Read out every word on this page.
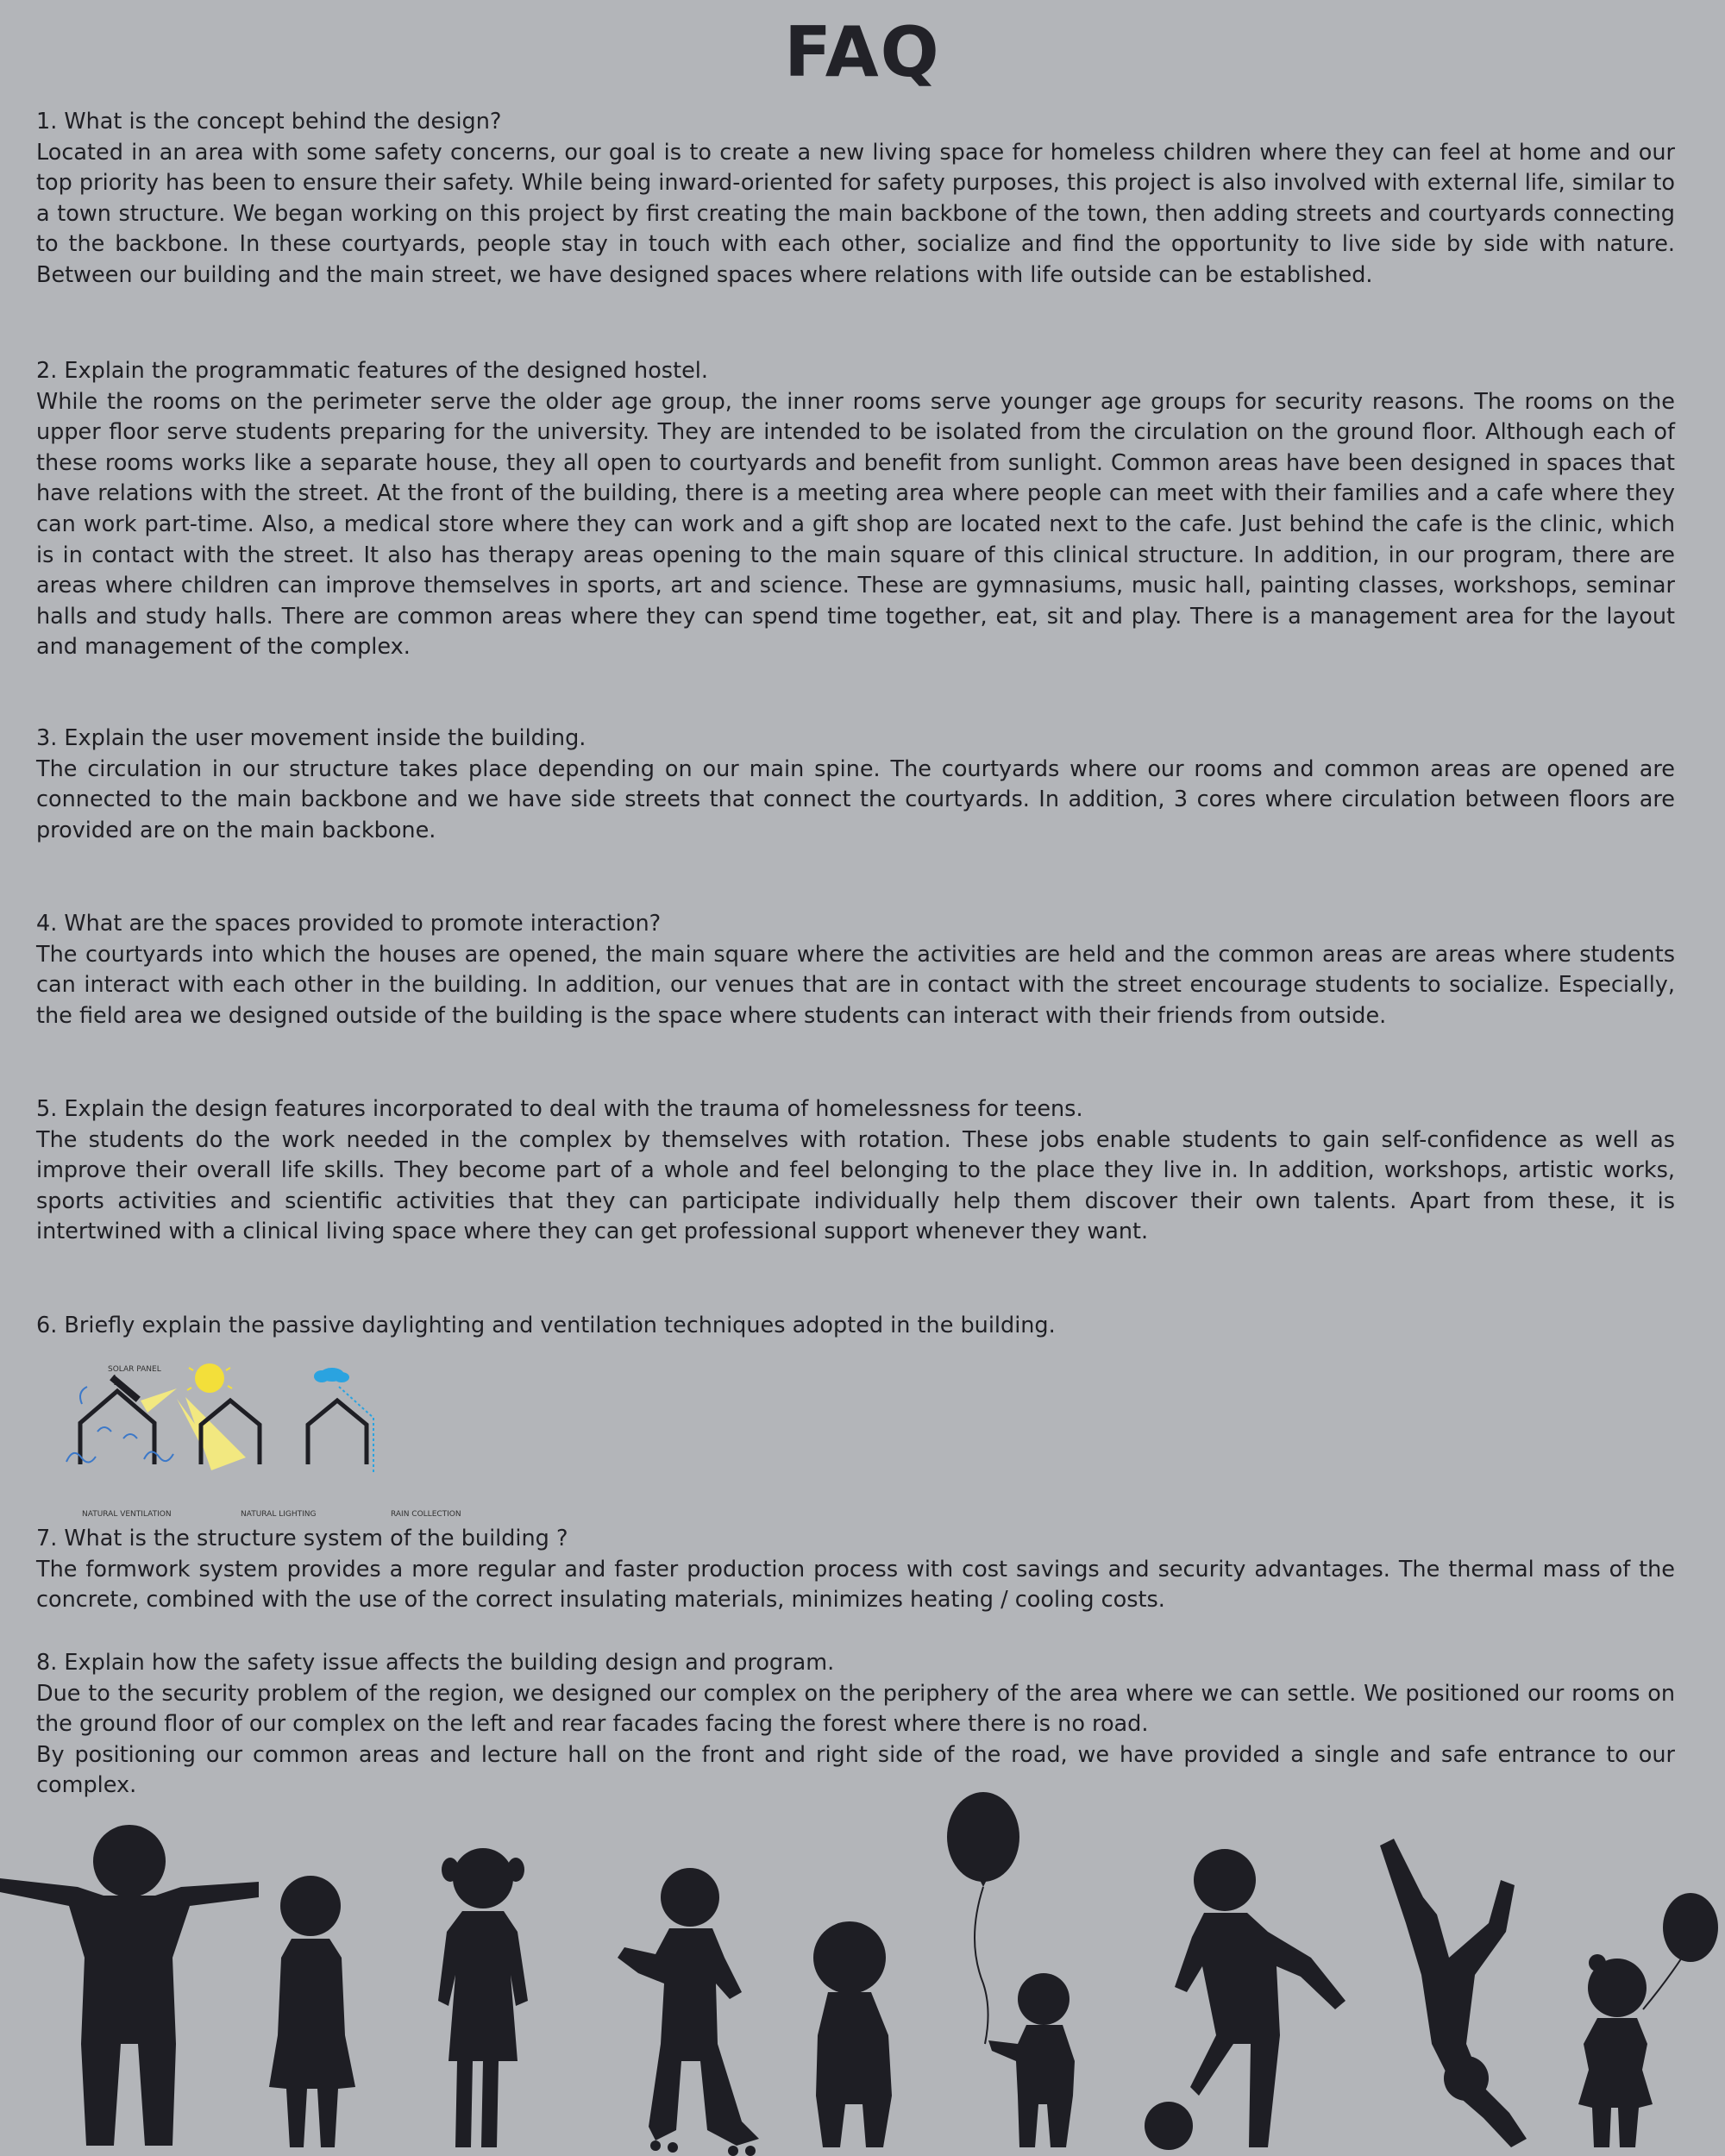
FAQ
1. What is the concept behind the design?
Located in an area with some safety concerns, our goal is to create a new living space for homeless children where they can feel at home and our top priority has been to ensure their safety. While being inward-oriented for safety purposes, this project is also involved with external life, similar to a town structure. We began working on this project by first creating the main backbone of the town, then adding streets and courtyards connecting to the backbone. In these courtyards, people stay in touch with each other, socialize and find the opportunity to live side by side with nature. Between our building and the main street, we have designed spaces where relations with life outside can be established.
2. Explain the programmatic features of the designed hostel.
While the rooms on the perimeter serve the older age group, the inner rooms serve younger age groups for security reasons. The rooms on the upper floor serve students preparing for the university. They are intended to be isolated from the circulation on the ground floor. Although each of these rooms works like a separate house, they all open to courtyards and benefit from sunlight. Common areas have been designed in spaces that have relations with the street. At the front of the building, there is a meeting area where people can meet with their families and a cafe where they can work part-time. Also, a medical store where they can work and a gift shop are located next to the cafe. Just behind the cafe is the clinic, which is in contact with the street. It also has therapy areas opening to the main square of this clinical structure. In addition, in our program, there are areas where children can improve themselves in sports, art and science. These are gymnasiums, music hall, painting classes, workshops, seminar halls and study halls. There are common areas where they can spend time together, eat, sit and play. There is a management area for the layout and management of the complex.
3. Explain the user movement inside the building.
The circulation in our structure takes place depending on our main spine. The courtyards where our rooms and common areas are opened are connected to the main backbone and we have side streets that connect the courtyards. In addition, 3 cores where circulation between floors are provided are on the main backbone.
4. What are the spaces provided to promote interaction?
The courtyards into which the houses are opened, the main square where the activities are held and the common areas are areas where students can interact with each other in the building. In addition, our venues that are in contact with the street encourage students to socialize. Especially, the field area we designed outside of the building is the space where students can interact with their friends from outside.
5. Explain the design features incorporated to deal with the trauma of homelessness for teens.
The students do the work needed in the complex by themselves with rotation. These jobs enable students to gain self-confidence as well as improve their overall life skills. They become part of a whole and feel belonging to the place they live in. In addition, workshops, artistic works, sports activities and scientific activities that they can participate individually help them discover their own talents. Apart from these, it is intertwined with a clinical living space where they can get professional support whenever they want.
6. Briefly explain the passive daylighting and ventilation techniques adopted in the building.
SOLAR PANEL
NATURAL VENTILATION	NATURAL LIGHTING	RAIN COLLECTION
7. What is the structure system of the building ?
The formwork system provides a more regular and faster production process with cost savings and security advantages. The thermal mass of the concrete, combined with the use of the correct insulating materials, minimizes heating / cooling costs.
8. Explain how the safety issue affects the building design and program.
Due to the security problem of the region, we designed our complex on the periphery of the area where we can settle. We positioned our rooms on the ground floor of our complex on the left and rear facades facing the forest where there is no road.
By positioning our common areas and lecture hall on the front and right side of the road, we have provided a single and safe entrance to our complex.
